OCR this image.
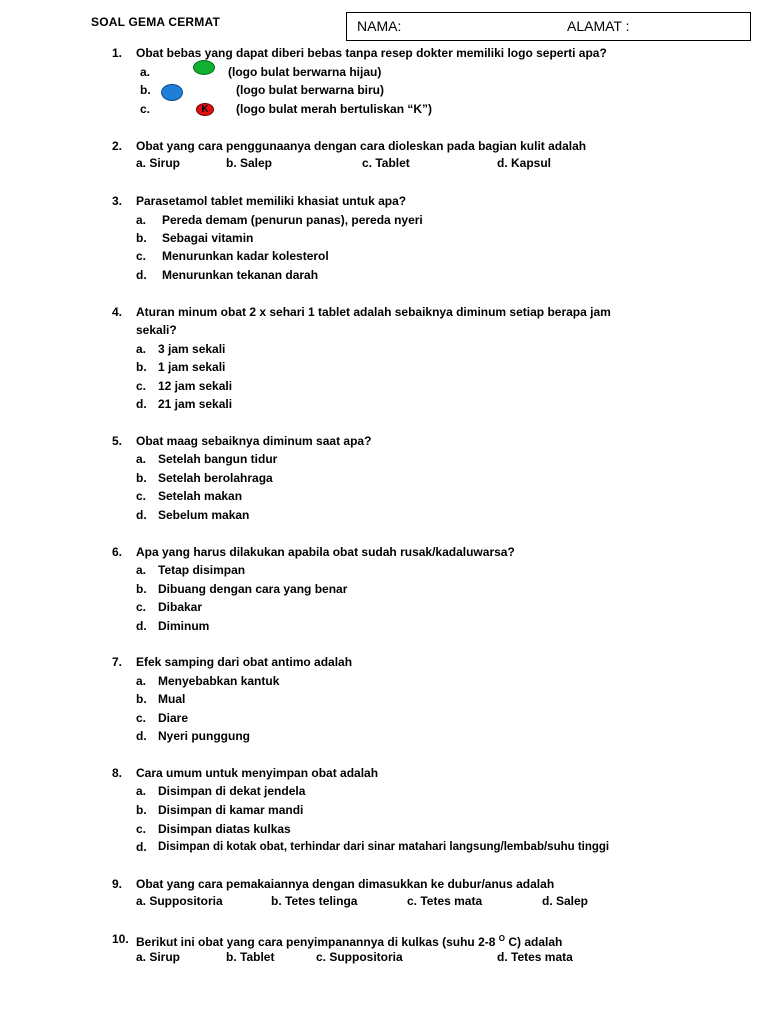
SOAL GEMA CERMAT	NAMA:	ALAMAT :
1. Obat bebas yang dapat diberi bebas tanpa resep dokter memiliki logo seperti apa?
a.	(logo bulat berwarna hijau)
b.	(logo bulat berwarna biru)
c.	K	(logo bulat merah bertuliskan “K”)
2. Obat yang cara penggunaanya dengan cara dioleskan pada bagian kulit adalah
a. Sirup	b. Salep	c. Tablet	d. Kapsul
3. Parasetamol tablet memiliki khasiat untuk apa?
a. Pereda demam (penurun panas), pereda nyeri
b. Sebagai vitamin
c. Menurunkan kadar kolesterol
d. Menurunkan tekanan darah
4. Aturan minum obat 2 x sehari 1 tablet adalah sebaiknya diminum setiap berapa jam
sekali?
a. 3 jam sekali
b. 1 jam sekali
c. 12 jam sekali
d. 21 jam sekali
5. Obat maag sebaiknya diminum saat apa?
a. Setelah bangun tidur
b. Setelah berolahraga
c. Setelah makan
d. Sebelum makan
6. Apa yang harus dilakukan apabila obat sudah rusak/kadaluwarsa?
a. Tetap disimpan
b. Dibuang dengan cara yang benar
c. Dibakar
d. Diminum
7. Efek samping dari obat antimo adalah
a. Menyebabkan kantuk
b. Mual
c. Diare
d. Nyeri punggung
8. Cara umum untuk menyimpan obat adalah
a. Disimpan di dekat jendela
b. Disimpan di kamar mandi
c. Disimpan diatas kulkas
d. Disimpan di kotak obat, terhindar dari sinar matahari langsung/lembab/suhu tinggi
9. Obat yang cara pemakaiannya dengan dimasukkan ke dubur/anus adalah
a. Suppositoria	b. Tetes telinga	c. Tetes mata	d. Salep
10. Berikut ini obat yang cara penyimpanannya di kulkas (suhu 2-8 $^O$ C) adalah
a. Sirup	b. Tablet	c. Suppositoria	d. Tetes mata
